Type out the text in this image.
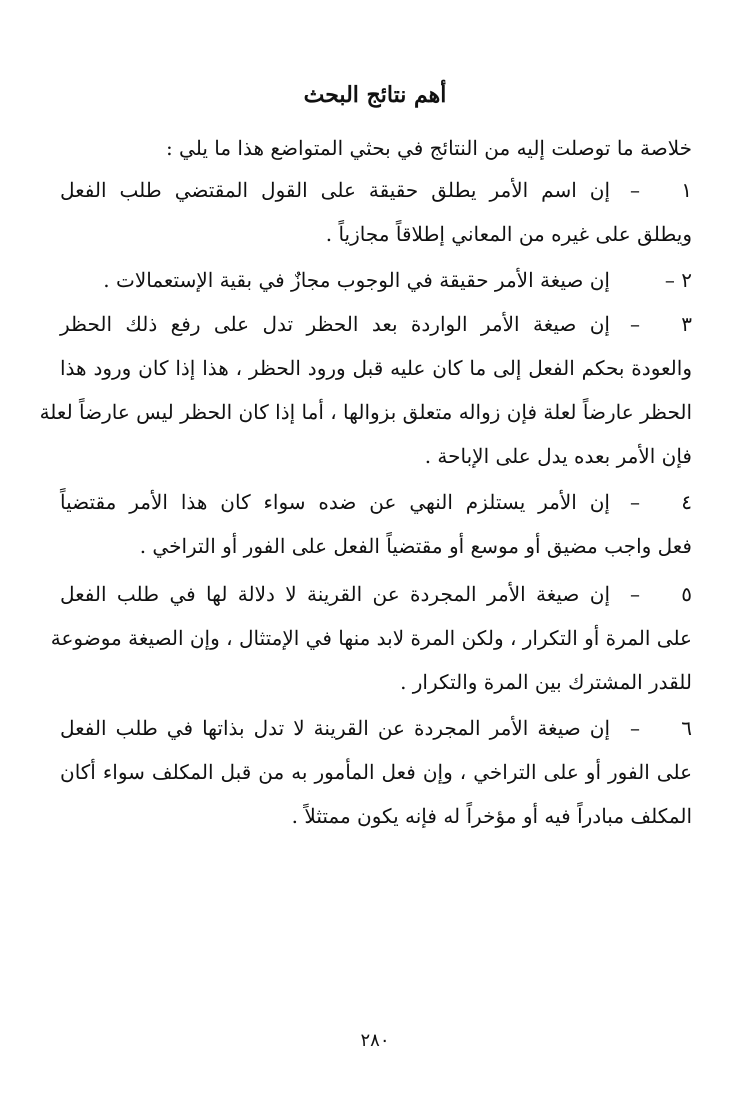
أهم نتائج البحث
خلاصة ما توصلت إليه من النتائج في بحثي المتواضع هذا ما يلي :
١ –إن اسم الأمر يطلق حقيقة على القول المقتضي طلب الفعل
ويطلق على غيره من المعاني إطلاقاً مجازياً .
٢ –إن صيغة الأمر حقيقة في الوجوب مجازٌ في بقية الإستعمالات .
٣ –إن صيغة الأمر الواردة بعد الحظر تدل على رفع ذلك الحظر
والعودة بحكم الفعل إلى ما كان عليه قبل ورود الحظر ، هذا إذا كان ورود هذا
الحظر عارضاً لعلة فإن زواله متعلق بزوالها ، أما إذا كان الحظر ليس عارضاً لعلة
فإن الأمر بعده يدل على الإباحة .
٤ –إن الأمر يستلزم النهي عن ضده سواء كان هذا الأمر مقتضياً
فعل واجب مضيق أو موسع أو مقتضياً الفعل على الفور أو التراخي .
٥ –إن صيغة الأمر المجردة عن القرينة لا دلالة لها في طلب الفعل
على المرة أو التكرار ، ولكن المرة لابد منها في الإمتثال ، وإن الصيغة موضوعة
للقدر المشترك بين المرة والتكرار .
٦ –إن صيغة الأمر المجردة عن القرينة لا تدل بذاتها في طلب الفعل
على الفور أو على التراخي ، وإن فعل المأمور به من قبل المكلف سواء أكان
المكلف مبادراً فيه أو مؤخراً له فإنه يكون ممتثلاً .
٢٨٠
